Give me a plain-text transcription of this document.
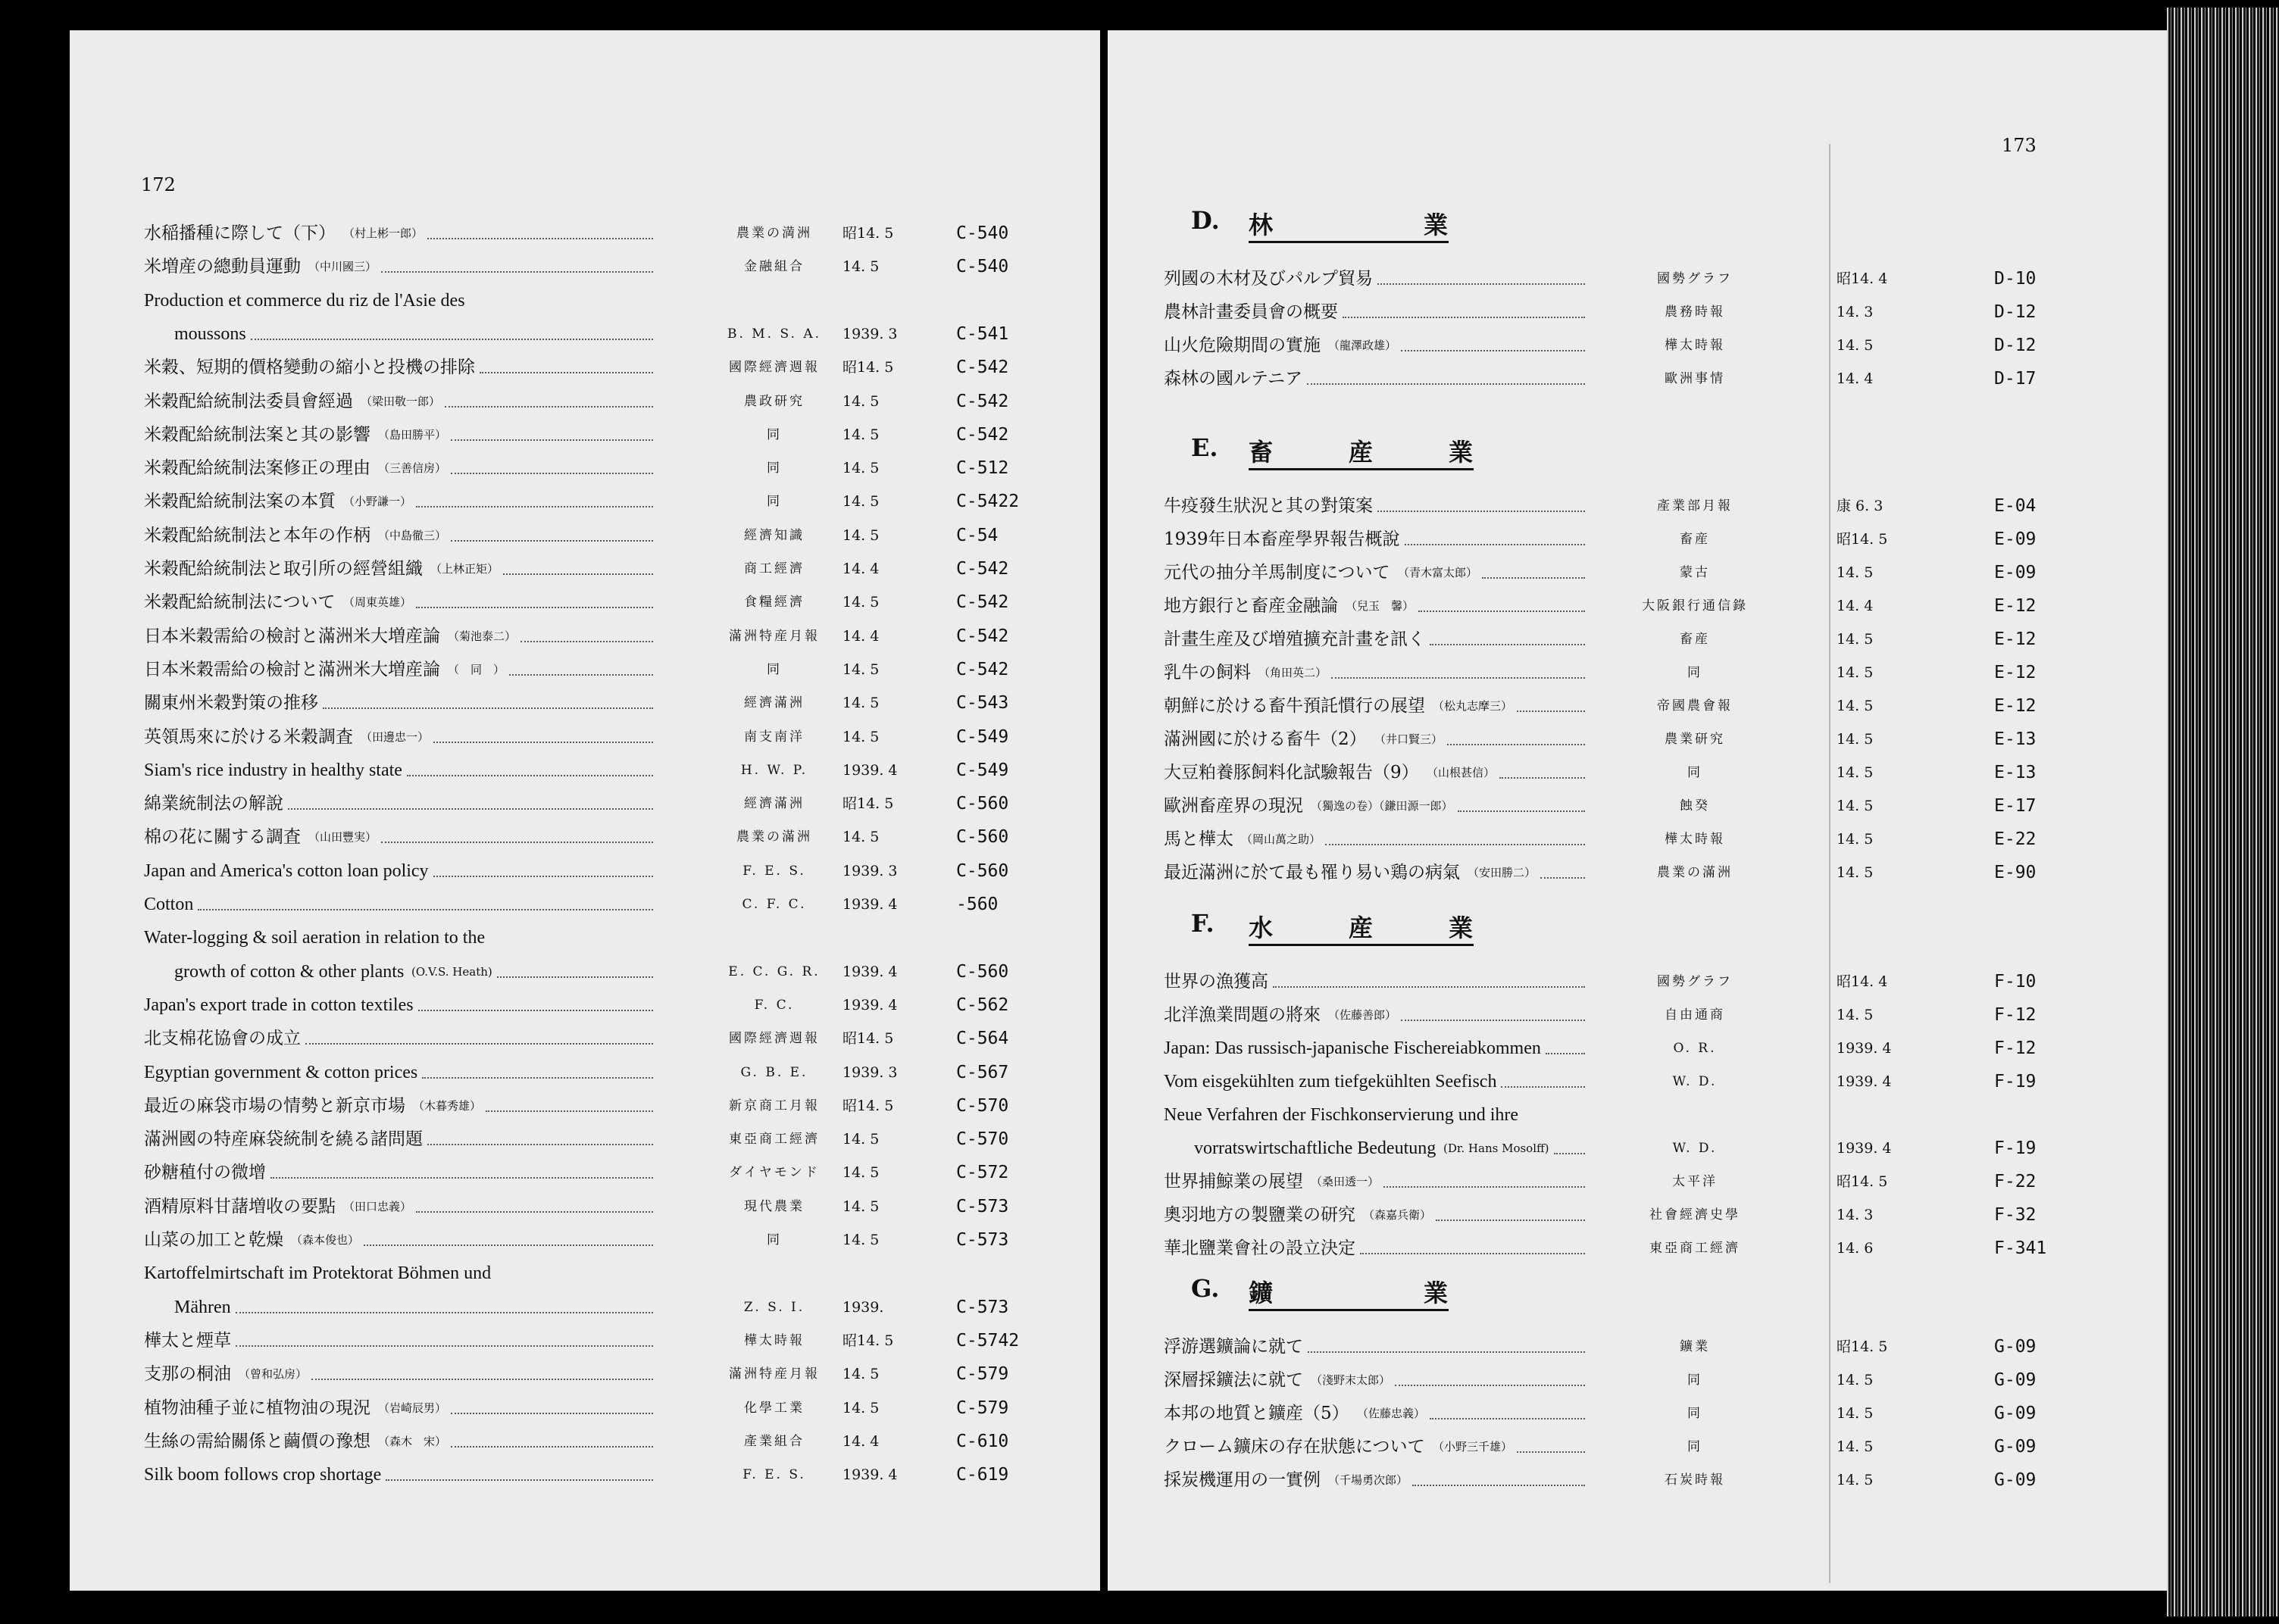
172
水稲播種に際して（下） （村上彬一郎）	農業の満洲	昭14. 5	C-540
米増産の總動員運動 （中川國三）	金融組合	14. 5	C-540
Production et commerce du riz de l'Asie des
moussons	B. M. S. A.	1939. 3	C-541
米穀、短期的價格變動の縮小と投機の排除	國際經濟週報	昭14. 5	C-542
米穀配給統制法委員會經過 （梁田敬一郎）	農政研究	14. 5	C-542
米穀配給統制法案と其の影響 （島田勝平）	同	14. 5	C-542
米穀配給統制法案修正の理由 （三善信房）	同	14. 5	C-512
米穀配給統制法案の本質 （小野謙一）	同	14. 5	C-5422
米穀配給統制法と本年の作柄 （中島徹三）	經濟知識	14. 5	C-54
米穀配給統制法と取引所の經營組織 （上林正矩）	商工經濟	14. 4	C-542
米穀配給統制法について （周東英雄）	食糧經濟	14. 5	C-542
日本米穀需給の檢討と滿洲米大増産論 （菊池泰二）	滿洲特産月報	14. 4	C-542
日本米穀需給の檢討と滿洲米大増産論 （　同　）	同	14. 5	C-542
關東州米穀對策の推移	經濟滿洲	14. 5	C-543
英領馬來に於ける米穀調査 （田邊忠一）	南支南洋	14. 5	C-549
Siam's rice industry in healthy state	H. W. P.	1939. 4	C-549
綿業統制法の解說	經濟滿洲	昭14. 5	C-560
棉の花に關する調査 （山田豐実）	農業の滿洲	14. 5	C-560
Japan and America's cotton loan policy	F. E. S.	1939. 3	C-560
Cotton	C. F. C.	1939. 4	-560
Water-logging & soil aeration in relation to the
growth of cotton & other plants (O.V.S. Heath)	E. C. G. R.	1939. 4	C-560
Japan's export trade in cotton textiles	F. C.	1939. 4	C-562
北支棉花協會の成立	國際經濟週報	昭14. 5	C-564
Egyptian government & cotton prices	G. B. E.	1939. 3	C-567
最近の麻袋市場の情勢と新京市場 （木暮秀雄）	新京商工月報	昭14. 5	C-570
滿洲國の特産麻袋統制を繞る諸問題	東亞商工經濟	14. 5	C-570
砂糖稙付の微增	ダイヤモンド	14. 5	C-572
酒精原料甘藷増收の要點 （田口忠義）	現代農業	14. 5	C-573
山菜の加工と乾燥 （森本俊也）	同	14. 5	C-573
Kartoffelmirtschaft im Protektorat Böhmen und
Mähren	Z. S. I.	1939.	C-573
樺太と煙草	樺太時報	昭14. 5	C-5742
支那の桐油 （曾和弘房）	滿洲特産月報	14. 5	C-579
植物油種子並に植物油の現況 （岩崎辰男）	化學工業	14. 5	C-579
生絲の需給關係と繭價の豫想 （森木　宋）	產業組合	14. 4	C-610
Silk boom follows crop shortage	F. E. S.	1939. 4	C-619
173
D. 林　　　　　　業
列國の木材及びパルプ貿易	國勢グラフ	昭14. 4	D-10
農林計畫委員會の概要	農務時報	14. 3	D-12
山火危險期間の實施 （龍澤政雄）	樺太時報	14. 5	D-12
森林の國ルテニア	歐洲事情	14. 4	D-17
E. 畜　　　産　　　業
牛疫發生狀況と其の對策案	產業部月報	康 6. 3	E-04
1939年日本畜産學界報告概說	畜産	昭14. 5	E-09
元代の抽分羊馬制度について （青木富太郎）	蒙古	14. 5	E-09
地方銀行と畜産金融論 （兒玉　馨）	大阪銀行通信錄	14. 4	E-12
計畫生産及び増殖擴充計畫を訊く	畜産	14. 5	E-12
乳牛の飼料 （角田英二）	同	14. 5	E-12
朝鮮に於ける畜牛預託慣行の展望 （松丸志摩三）	帝國農會報	14. 5	E-12
滿洲國に於ける畜牛（2） （井口賢三）	農業研究	14. 5	E-13
大豆粕養豚飼料化試驗報告（9） （山根甚信）	同	14. 5	E-13
歐洲畜産界の現況 （獨逸の卷）（鎌田源一郎）	蝕癸	14. 5	E-17
馬と樺太 （岡山萬之助）	樺太時報	14. 5	E-22
最近滿洲に於て最も罹り易い鶏の病氣 （安田勝二）	農業の滿洲	14. 5	E-90
F. 水　　　産　　　業
世界の漁獲高	國勢グラフ	昭14. 4	F-10
北洋漁業問題の將來 （佐藤善郎）	自由通商	14. 5	F-12
Japan: Das russisch-japanische Fischereiabkommen	O. R.	1939. 4	F-12
Vom eisgekühlten zum tiefgekühlten Seefisch	W. D.	1939. 4	F-19
Neue Verfahren der Fischkonservierung und ihre
vorratswirtschaftliche Bedeutung (Dr. Hans Mosolff)	W. D.	1939. 4	F-19
世界捕鯨業の展望 （桑田透一）	太平洋	昭14. 5	F-22
奧羽地方の製鹽業の研究 （森嘉兵衛）	社會經濟史學	14. 3	F-32
華北鹽業會社の設立決定	東亞商工經濟	14. 6	F-341
G. 鑛　　　　　　業
浮游選鑛論に就て	鑛業	昭14. 5	G-09
深層採鑛法に就て （淺野末太郎）	同	14. 5	G-09
本邦の地質と鑛産（5） （佐藤忠義）	同	14. 5	G-09
クローム鑛床の存在狀態について （小野三千雄）	同	14. 5	G-09
採炭機運用の一實例 （千場勇次郎）	石炭時報	14. 5	G-09
